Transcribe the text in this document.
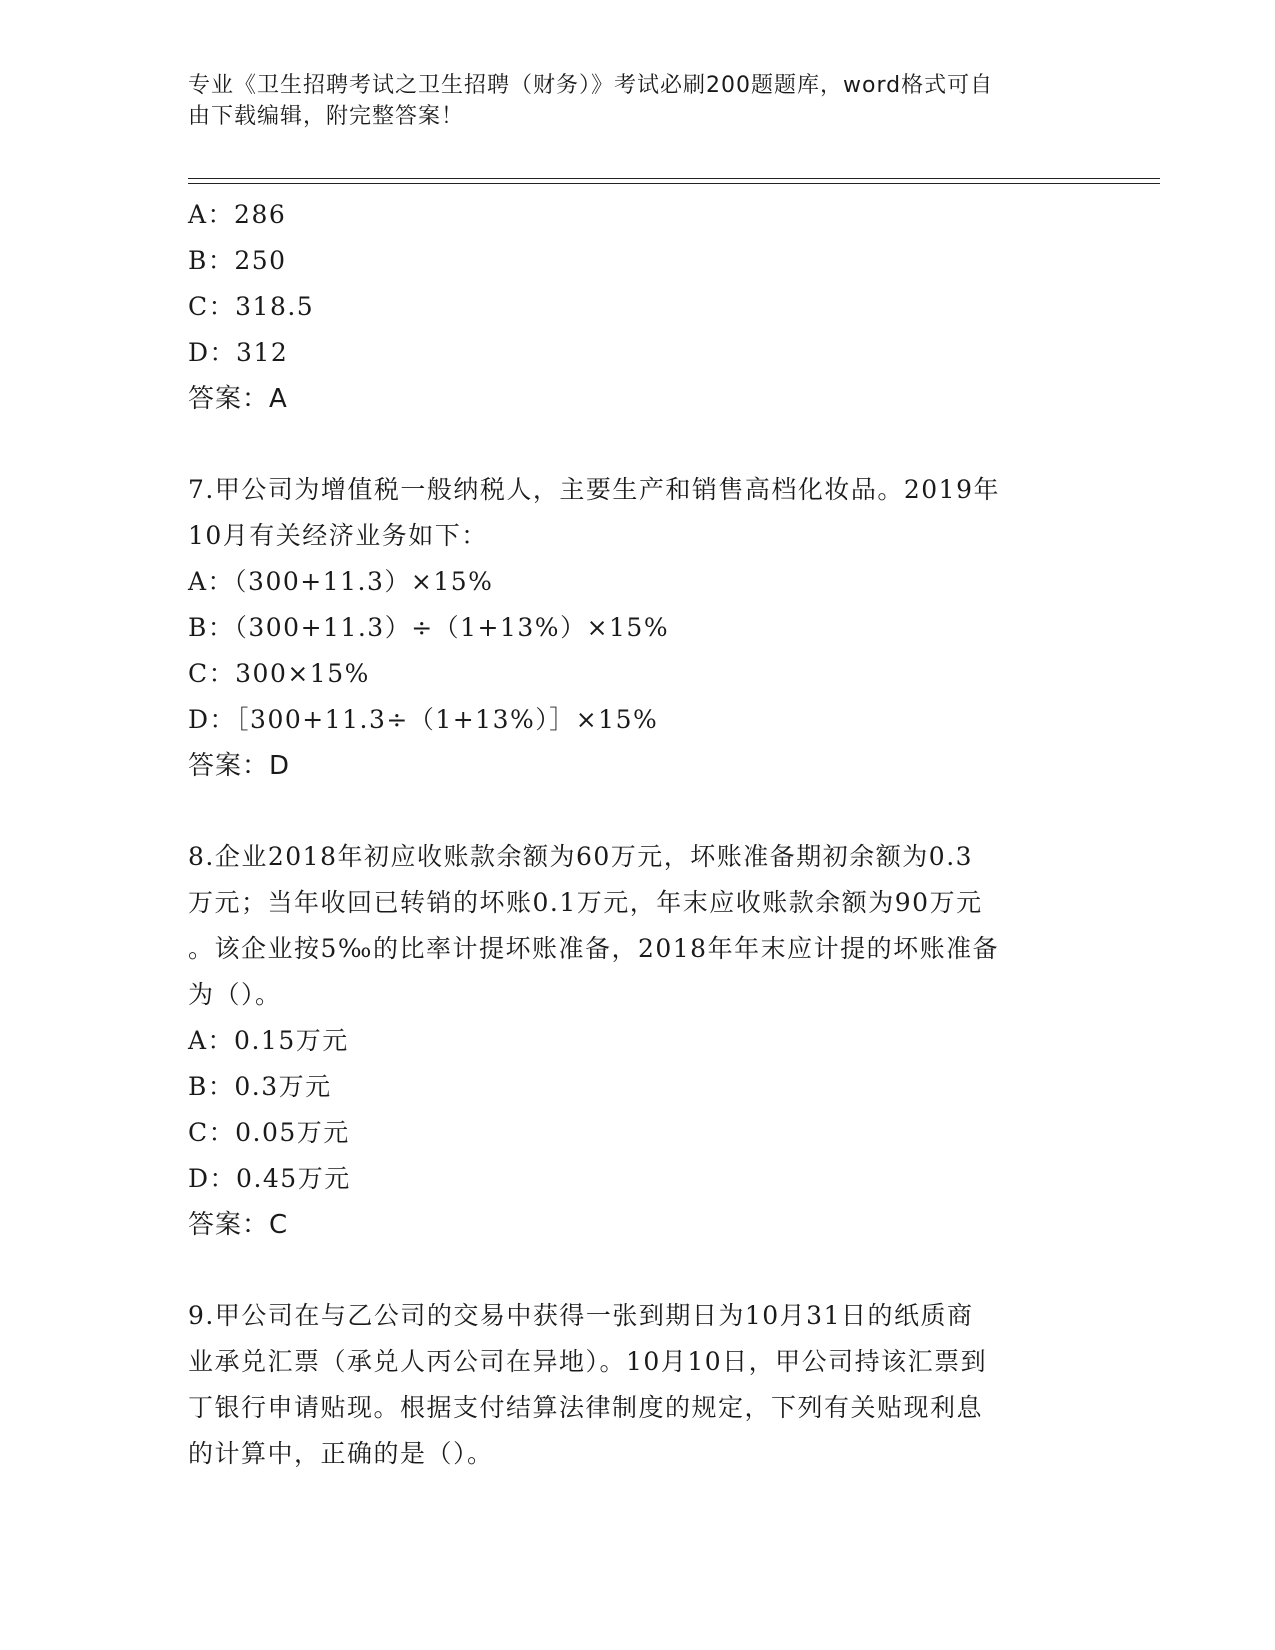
专业《卫生招聘考试之卫生招聘（财务）》考试必刷200题题库，word格式可自
由下载编辑，附完整答案！
A：286
B：250
C：318.5
D：312
答案：A
7.甲公司为增值税一般纳税人，主要生产和销售高档化妆品。2019年
10月有关经济业务如下：
A：（300+11.3）×15%
B：（300+11.3）÷（1+13%）×15%
C：300×15%
D：［300+11.3÷（1+13%）］×15%
答案：D
8.企业2018年初应收账款余额为60万元，坏账准备期初余额为0.3
万元；当年收回已转销的坏账0.1万元，年末应收账款余额为90万元
。该企业按5‰的比率计提坏账准备，2018年年末应计提的坏账准备
为（）。
A：0.15万元
B：0.3万元
C：0.05万元
D：0.45万元
答案：C
9.甲公司在与乙公司的交易中获得一张到期日为10月31日的纸质商
业承兑汇票（承兑人丙公司在异地）。10月10日，甲公司持该汇票到
丁银行申请贴现。根据支付结算法律制度的规定，下列有关贴现利息
的计算中，正确的是（）。
